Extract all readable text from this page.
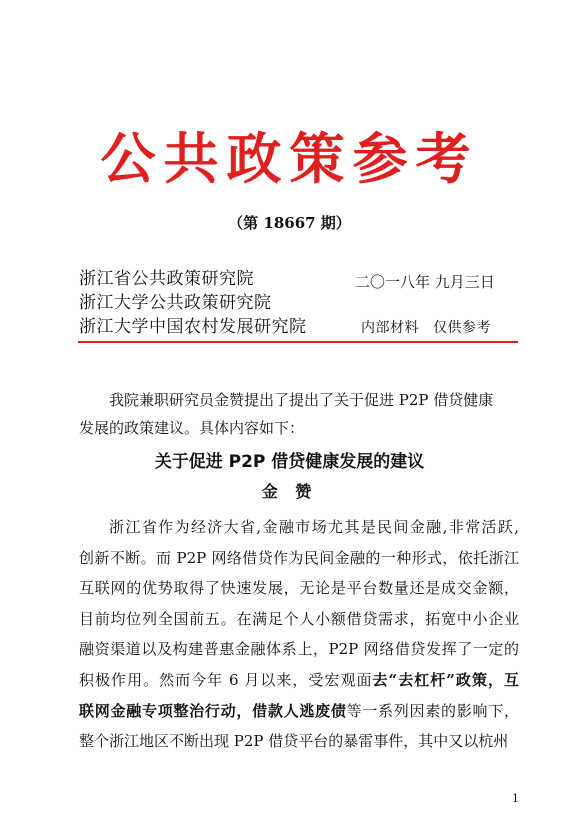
公共政策参考
（第 18667 期）
浙江省公共政策研究院
浙江大学公共政策研究院
浙江大学中国农村发展研究院
二〇一八年 九月三日
内部材料 仅供参考
我院兼职研究员金赞提出了提出了关于促进 P2P 借贷健康
发展的政策建议。具体内容如下：
关于促进 P2P 借贷健康发展的建议
金 赞
浙江省作为经济大省,金融市场尤其是民间金融,非常活跃,
创新不断。而 P2P 网络借贷作为民间金融的一种形式，依托浙江
互联网的优势取得了快速发展，无论是平台数量还是成交金额，
目前均位列全国前五。在满足个人小额借贷需求，拓宽中小企业
融资渠道以及构建普惠金融体系上，P2P 网络借贷发挥了一定的
积极作用。然而今年 6 月以来，受宏观面去“去杠杆”政策，互
联网金融专项整治行动，借款人逃废债等一系列因素的影响下，
整个浙江地区不断出现 P2P 借贷平台的暴雷事件，其中又以杭州
1
